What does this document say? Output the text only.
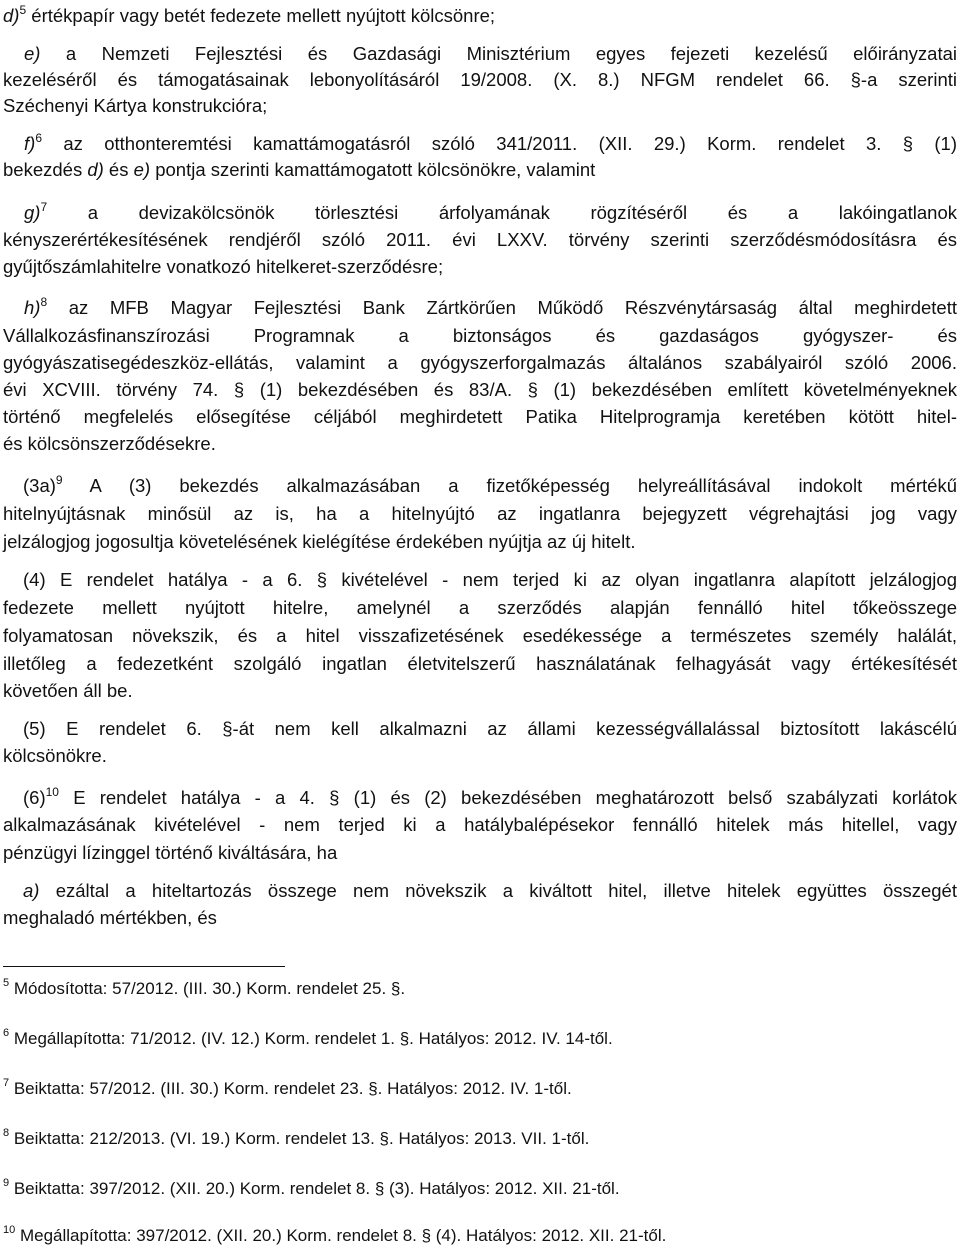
d)$^5$ értékpapír vagy betét fedezete mellett nyújtott kölcsönre;
e) a Nemzeti Fejlesztési és Gazdasági Minisztérium egyes fejezeti kezelésű előirányzatai
kezeléséről és támogatásainak lebonyolításáról 19/2008. (X. 8.) NFGM rendelet 66. §-a szerinti
Széchenyi Kártya konstrukcióra;
f)$^6$ az otthonteremtési kamattámogatásról szóló 341/2011. (XII. 29.) Korm. rendelet 3. § (1)
bekezdés d) és e) pontja szerinti kamattámogatott kölcsönökre, valamint
g)$^7$ a devizakölcsönök törlesztési árfolyamának rögzítéséről és a lakóingatlanok
kényszerértékesítésének rendjéről szóló 2011. évi LXXV. törvény szerinti szerződésmódosításra és
gyűjtőszámlahitelre vonatkozó hitelkeret-szerződésre;
h)$^8$ az MFB Magyar Fejlesztési Bank Zártkörűen Működő Részvénytársaság által meghirdetett
Vállalkozásfinanszírozási Programnak a biztonságos és gazdaságos gyógyszer- és
gyógyászatisegédeszköz-ellátás, valamint a gyógyszerforgalmazás általános szabályairól szóló 2006.
évi XCVIII. törvény 74. § (1) bekezdésében és 83/A. § (1) bekezdésében említett követelményeknek
történő megfelelés elősegítése céljából meghirdetett Patika Hitelprogramja keretében kötött hitel-
és kölcsönszerződésekre.
$(3a)^9$ A (3) bekezdés alkalmazásában a fizetőképesség helyreállításával indokolt mértékű
hitelnyújtásnak minősül az is, ha a hitelnyújtó az ingatlanra bejegyzett végrehajtási jog vagy
jelzálogjog jogosultja követelésének kielégítése érdekében nyújtja az új hitelt.
(4) E rendelet hatálya - a 6. § kivételével - nem terjed ki az olyan ingatlanra alapított jelzálogjog
fedezete mellett nyújtott hitelre, amelynél a szerződés alapján fennálló hitel tőkeösszege
folyamatosan növekszik, és a hitel visszafizetésének esedékessége a természetes személy halálát,
illetőleg a fedezetként szolgáló ingatlan életvitelszerű használatának felhagyását vagy értékesítését
követően áll be.
(5) E rendelet 6. §-át nem kell alkalmazni az állami kezességvállalással biztosított lakáscélú
kölcsönökre.
$(6)^{10}$ E rendelet hatálya - a 4. § (1) és (2) bekezdésében meghatározott belső szabályzati korlátok
alkalmazásának kivételével - nem terjed ki a hatálybalépésekor fennálló hitelek más hitellel, vagy
pénzügyi lízinggel történő kiváltására, ha
a) ezáltal a hiteltartozás összege nem növekszik a kiváltott hitel, illetve hitelek együttes összegét
meghaladó mértékben, és
$^5$ Módosította: 57/2012. (III. 30.) Korm. rendelet 25. §.
$^6$ Megállapította: 71/2012. (IV. 12.) Korm. rendelet 1. §. Hatályos: 2012. IV. 14-től.
$^7$ Beiktatta: 57/2012. (III. 30.) Korm. rendelet 23. §. Hatályos: 2012. IV. 1-től.
$^8$ Beiktatta: 212/2013. (VI. 19.) Korm. rendelet 13. §. Hatályos: 2013. VII. 1-től.
$^9$ Beiktatta: 397/2012. (XII. 20.) Korm. rendelet 8. § (3). Hatályos: 2012. XII. 21-től.
$^{10}$ Megállapította: 397/2012. (XII. 20.) Korm. rendelet 8. § (4). Hatályos: 2012. XII. 21-től.
